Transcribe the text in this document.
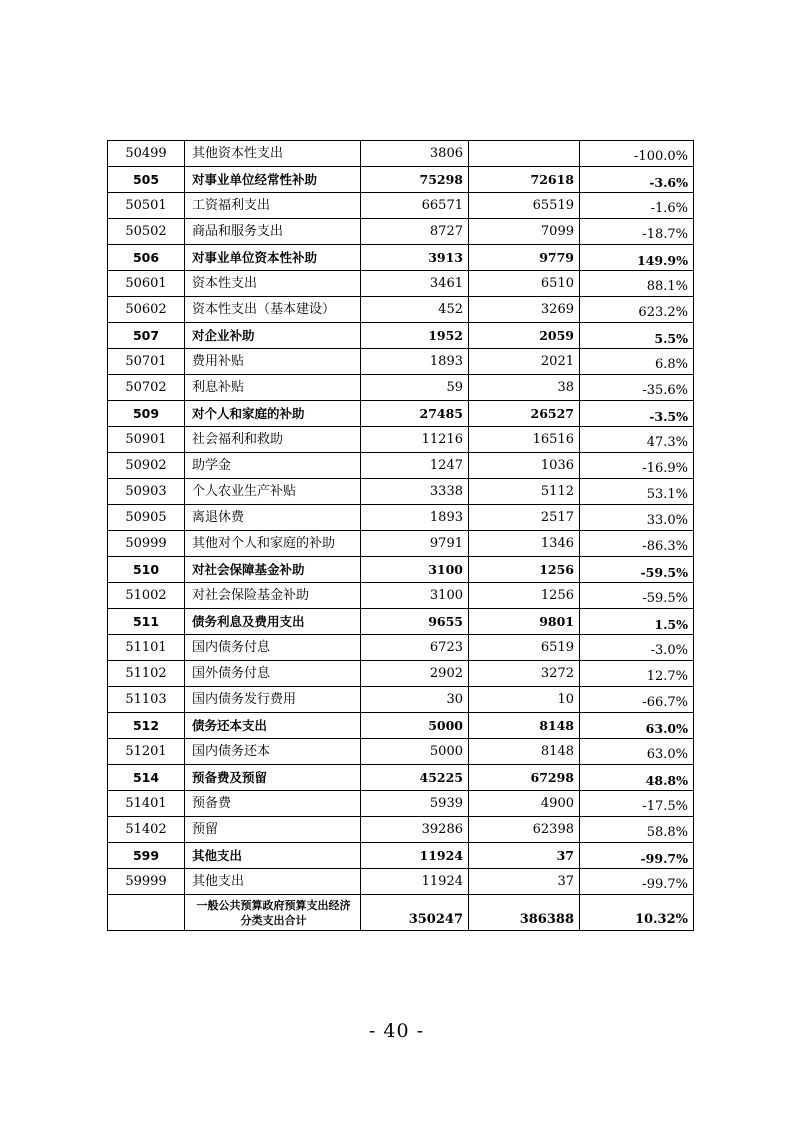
50499	其他资本性支出	3806		-100.0%
505	对事业单位经常性补助	75298	72618	-3.6%
50501	工资福利支出	66571	65519	-1.6%
50502	商品和服务支出	8727	7099	-18.7%
506	对事业单位资本性补助	3913	9779	149.9%
50601	资本性支出	3461	6510	88.1%
50602	资本性支出（基本建设）	452	3269	623.2%
507	对企业补助	1952	2059	5.5%
50701	费用补贴	1893	2021	6.8%
50702	利息补贴	59	38	-35.6%
509	对个人和家庭的补助	27485	26527	-3.5%
50901	社会福利和救助	11216	16516	47.3%
50902	助学金	1247	1036	-16.9%
50903	个人农业生产补贴	3338	5112	53.1%
50905	离退休费	1893	2517	33.0%
50999	其他对个人和家庭的补助	9791	1346	-86.3%
510	对社会保障基金补助	3100	1256	-59.5%
51002	对社会保险基金补助	3100	1256	-59.5%
511	债务利息及费用支出	9655	9801	1.5%
51101	国内债务付息	6723	6519	-3.0%
51102	国外债务付息	2902	3272	12.7%
51103	国内债务发行费用	30	10	-66.7%
512	债务还本支出	5000	8148	63.0%
51201	国内债务还本	5000	8148	63.0%
514	预备费及预留	45225	67298	48.8%
51401	预备费	5939	4900	-17.5%
51402	预留	39286	62398	58.8%
599	其他支出	11924	37	-99.7%
59999	其他支出	11924	37	-99.7%
	一般公共预算政府预算支出经济分类支出合计	350247	386388	10.32%
- 40 -
